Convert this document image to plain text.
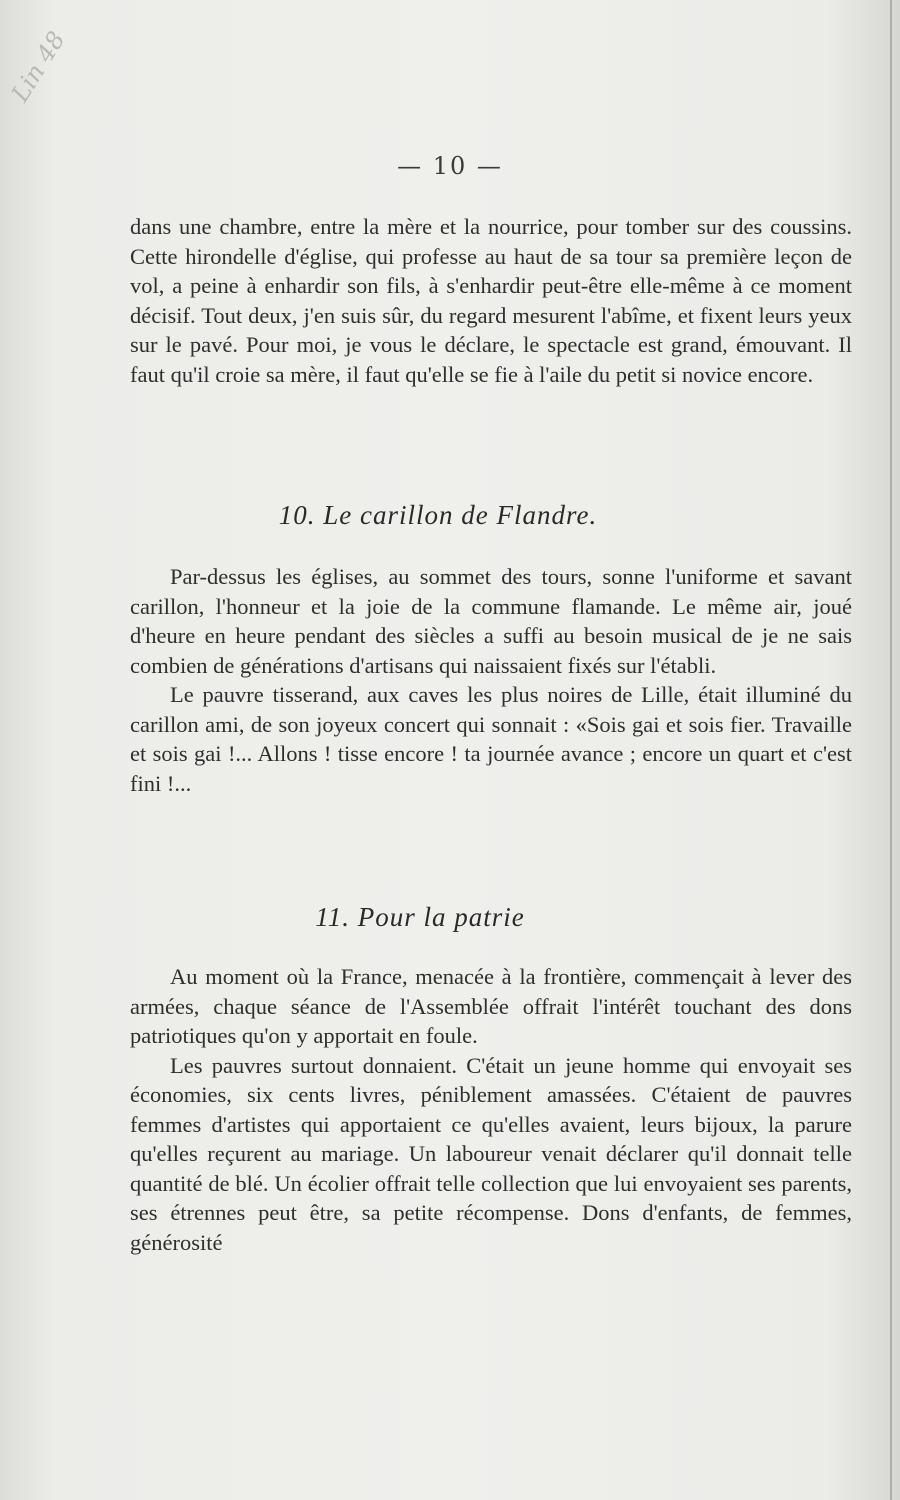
Lin 48
— 10 —

dans une chambre, entre la mère et la nourrice, pour tomber sur des coussins. Cette hirondelle d'église, qui professe au haut de sa tour sa première leçon de vol, a peine à enhardir son fils, à s'enhardir peut-être elle-même à ce moment décisif. Tout deux, j'en suis sûr, du regard mesurent l'abîme, et fixent leurs yeux sur le pavé. Pour moi, je vous le déclare, le spectacle est grand, émouvant. Il faut qu'il croie sa mère, il faut qu'elle se fie à l'aile du petit si novice encore.

10. Le carillon de Flandre.

Par-dessus les églises, au sommet des tours, sonne l'uniforme et savant carillon, l'honneur et la joie de la commune flamande. Le même air, joué d'heure en heure pendant des siècles a suffi au besoin musical de je ne sais combien de générations d'artisans qui naissaient fixés sur l'établi.

Le pauvre tisserand, aux caves les plus noires de Lille, était illuminé du carillon ami, de son joyeux concert qui sonnait : «Sois gai et sois fier. Travaille et sois gai !... Allons ! tisse encore ! ta journée avance ; encore un quart et c'est fini !...

11. Pour la patrie

Au moment où la France, menacée à la frontière, commençait à lever des armées, chaque séance de l'Assemblée offrait l'intérêt touchant des dons patriotiques qu'on y apportait en foule.

Les pauvres surtout donnaient. C'était un jeune homme qui envoyait ses économies, six cents livres, péniblement amassées. C'étaient de pauvres femmes d'artistes qui apportaient ce qu'elles avaient, leurs bijoux, la parure qu'elles reçurent au mariage. Un laboureur venait déclarer qu'il donnait telle quantité de blé. Un écolier offrait telle collection que lui envoyaient ses parents, ses étrennes peut être, sa petite récompense. Dons d'enfants, de femmes, générosité
